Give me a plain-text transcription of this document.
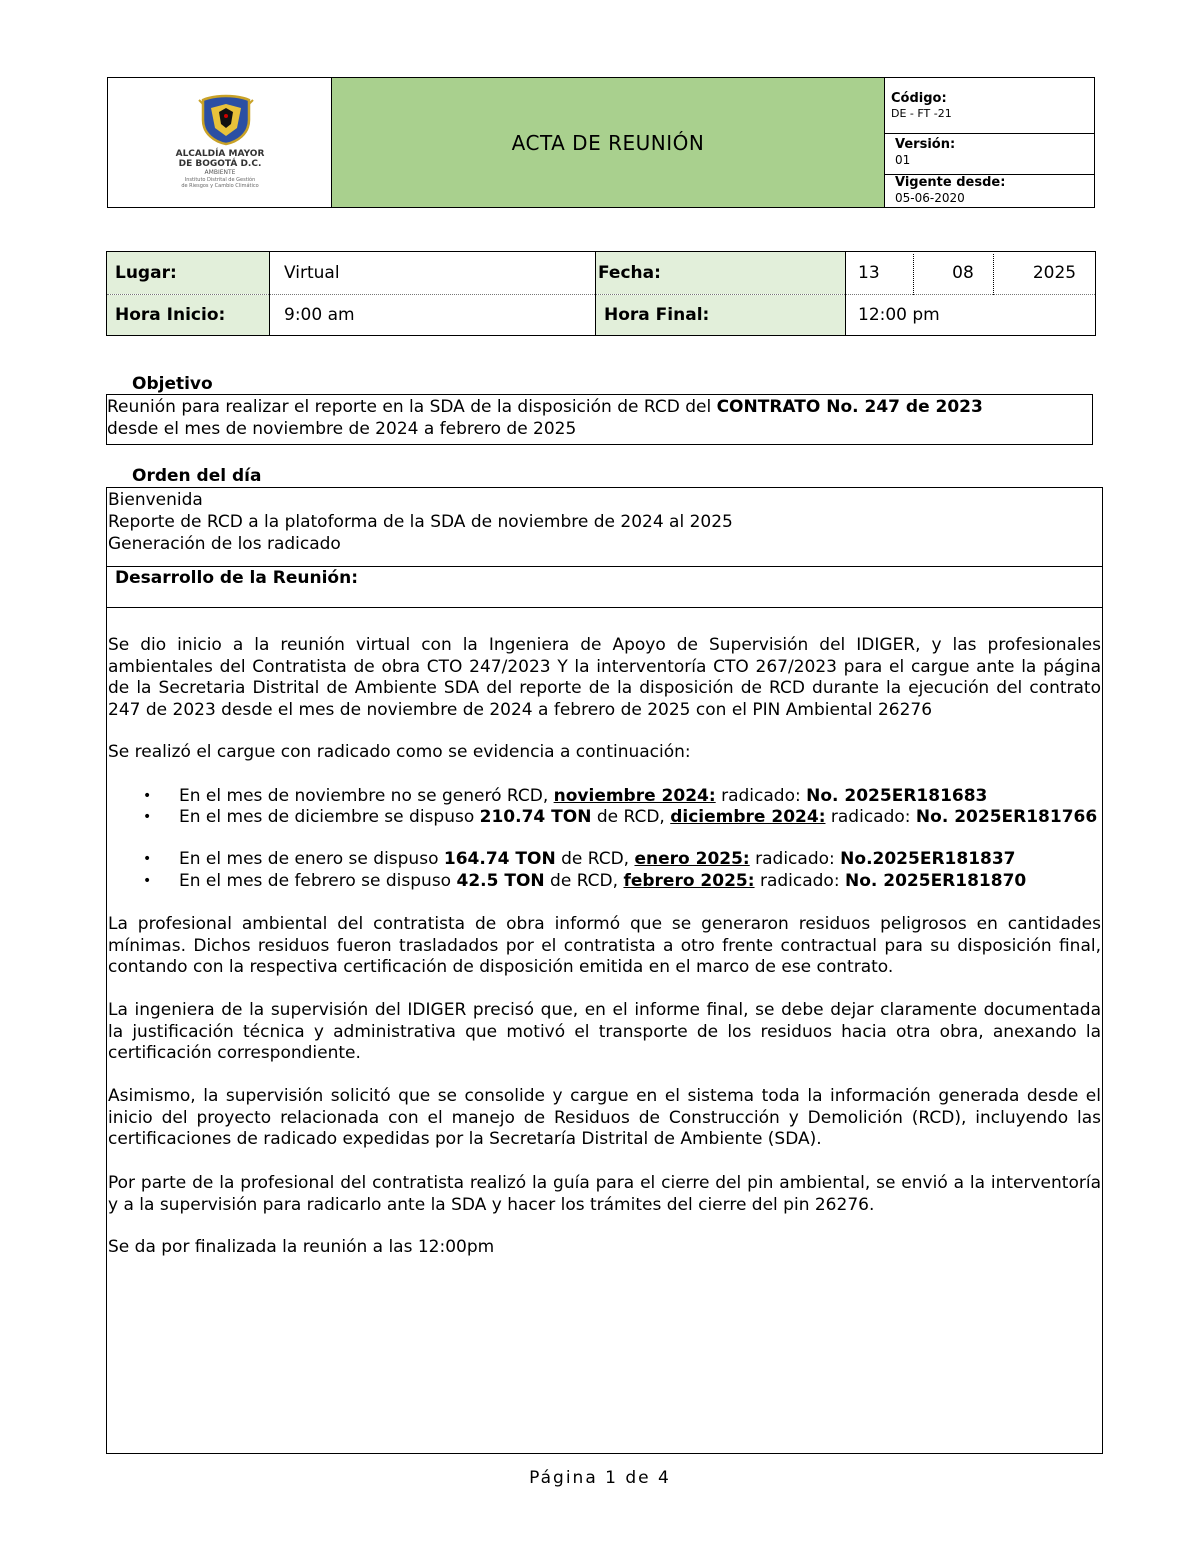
ALCALDÍA MAYOR
DE BOGOTÁ D.C.
AMBIENTE
Instituto Distrital de Gestión
de Riesgos y Cambio Climático
ACTA DE REUNIÓN
Código:
DE - FT -21
Versión:
01
Vigente desde:
05-06-2020
Lugar:	Virtual	Fecha:	13	08	2025
Hora Inicio:	9:00 am	Hora Final:	12:00 pm
Objetivo
Reunión para realizar el reporte en la SDA de la disposición de RCD del CONTRATO No. 247 de 2023
desde el mes de noviembre de 2024 a febrero de 2025
Orden del día
Bienvenida
Reporte de RCD a la platoforma de la SDA de noviembre de 2024 al 2025
Generación de los radicado
Desarrollo de la Reunión:
Se dio inicio a la reunión virtual con la Ingeniera de Apoyo de Supervisión del IDIGER, y las profesionales ambientales del Contratista de obra CTO 247/2023 Y la interventoría CTO 267/2023 para el cargue ante la página de la Secretaria Distrital de Ambiente SDA del reporte de la disposición de RCD durante la ejecución del contrato 247 de 2023 desde el mes de noviembre de 2024 a febrero de 2025 con el PIN Ambiental 26276
Se realizó el cargue con radicado como se evidencia a continuación:
•	En el mes de noviembre no se generó RCD, noviembre 2024: radicado: No. 2025ER181683
•	En el mes de diciembre se dispuso 210.74 TON de RCD, diciembre 2024: radicado: No. 2025ER181766
•	En el mes de enero se dispuso 164.74 TON de RCD, enero 2025: radicado: No.2025ER181837
•	En el mes de febrero se dispuso 42.5 TON de RCD, febrero 2025: radicado: No. 2025ER181870
La profesional ambiental del contratista de obra informó que se generaron residuos peligrosos en cantidades mínimas. Dichos residuos fueron trasladados por el contratista a otro frente contractual para su disposición final, contando con la respectiva certificación de disposición emitida en el marco de ese contrato.
La ingeniera de la supervisión del IDIGER precisó que, en el informe final, se debe dejar claramente documentada la justificación técnica y administrativa que motivó el transporte de los residuos hacia otra obra, anexando la certificación correspondiente.
Asimismo, la supervisión solicitó que se consolide y cargue en el sistema toda la información generada desde el inicio del proyecto relacionada con el manejo de Residuos de Construcción y Demolición (RCD), incluyendo las certificaciones de radicado expedidas por la Secretaría Distrital de Ambiente (SDA).
Por parte de la profesional del contratista realizó la guía para el cierre del pin ambiental, se envió a la interventoría y a la supervisión para radicarlo ante la SDA y hacer los trámites del cierre del pin 26276.
Se da por finalizada la reunión a las 12:00pm
Página 1 de 4
